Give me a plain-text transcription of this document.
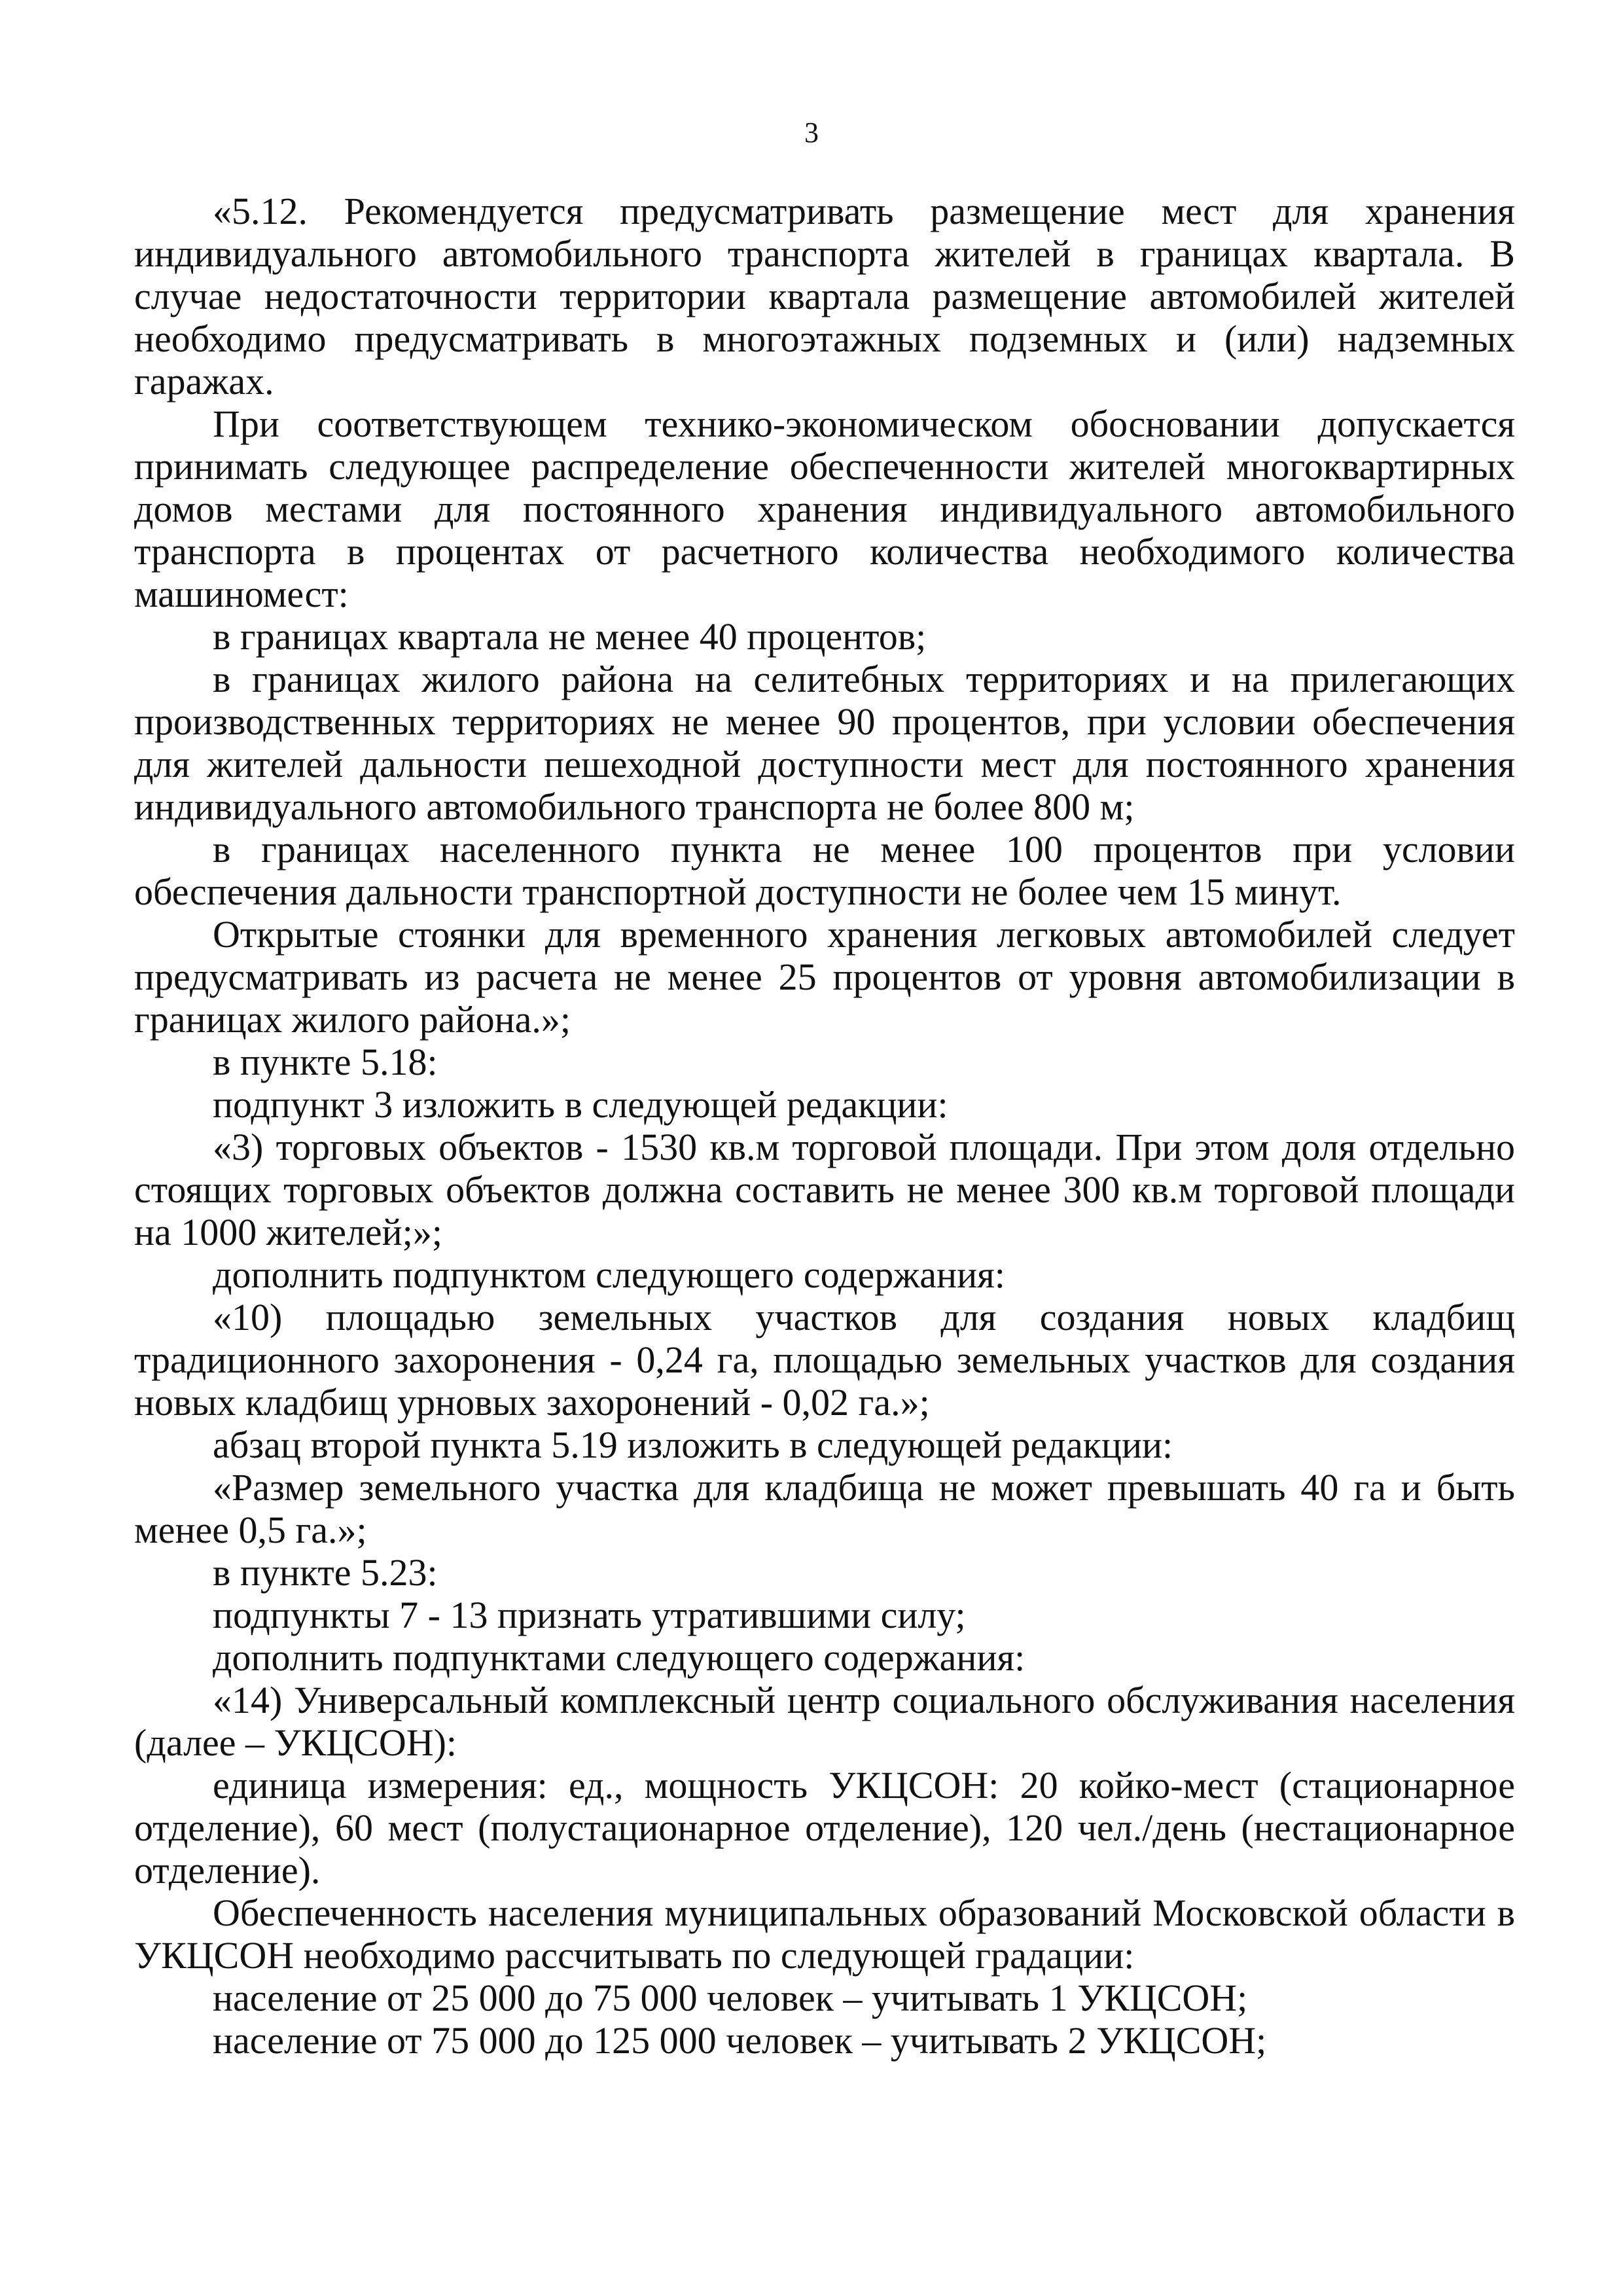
3

«5.12. Рекомендуется предусматривать размещение мест для хранения индивидуального автомобильного транспорта жителей в границах квартала. В случае недостаточности территории квартала размещение автомобилей жителей необходимо предусматривать в многоэтажных подземных и (или) надземных гаражах.

При соответствующем технико-экономическом обосновании допускается принимать следующее распределение обеспеченности жителей многоквартирных домов местами для постоянного хранения индивидуального автомобильного транспорта в процентах от расчетного количества необходимого количества машиномест:

в границах квартала не менее 40 процентов;

в границах жилого района на селитебных территориях и на прилегающих производственных территориях не менее 90 процентов, при условии обеспечения для жителей дальности пешеходной доступности мест для постоянного хранения индивидуального автомобильного транспорта не более 800 м;

в границах населенного пункта не менее 100 процентов при условии обеспечения дальности транспортной доступности не более чем 15 минут.

Открытые стоянки для временного хранения легковых автомобилей следует предусматривать из расчета не менее 25 процентов от уровня автомобилизации в границах жилого района.»;

в пункте 5.18:

подпункт 3 изложить в следующей редакции:

«3) торговых объектов - 1530 кв.м торговой площади. При этом доля отдельно стоящих торговых объектов должна составить не менее 300 кв.м торговой площади на 1000 жителей;»;

дополнить подпунктом следующего содержания:

«10) площадью земельных участков для создания новых кладбищ традиционного захоронения - 0,24 га, площадью земельных участков для создания новых кладбищ урновых захоронений - 0,02 га.»;

абзац второй пункта 5.19 изложить в следующей редакции:

«Размер земельного участка для кладбища не может превышать 40 га и быть менее 0,5 га.»;

в пункте 5.23:

подпункты 7 - 13 признать утратившими силу;

дополнить подпунктами следующего содержания:

«14) Универсальный комплексный центр социального обслуживания населения (далее – УКЦСОН):

единица измерения: ед., мощность УКЦСОН: 20 койко-мест (стационарное отделение), 60 мест (полустационарное отделение), 120 чел./день (нестационарное отделение).

Обеспеченность населения муниципальных образований Московской области в УКЦСОН необходимо рассчитывать по следующей градации:

население от 25 000 до 75 000 человек – учитывать 1 УКЦСОН;

население от 75 000 до 125 000 человек – учитывать 2 УКЦСОН;
